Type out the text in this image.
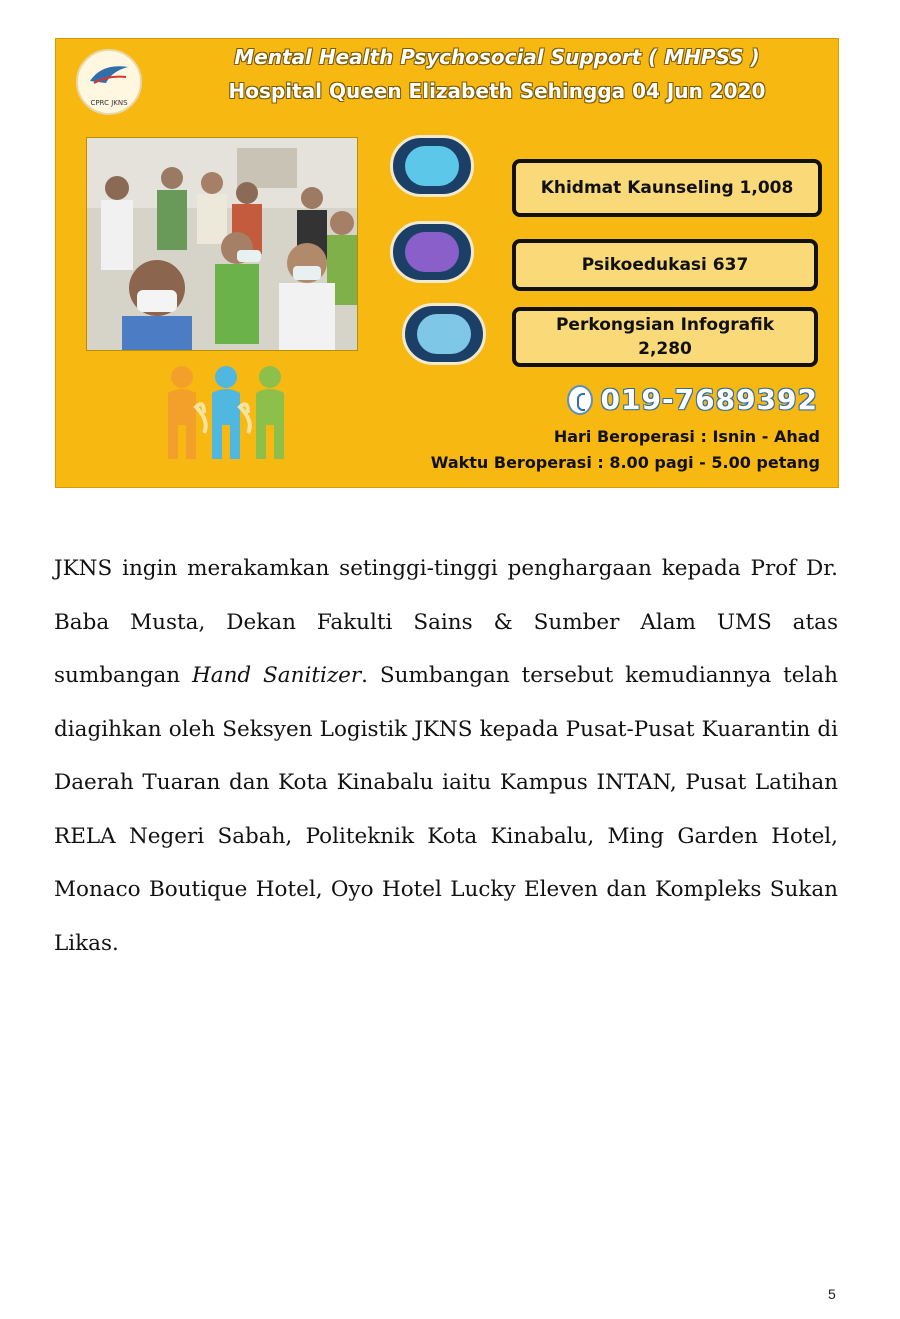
CPRC JKNS
Mental Health Psychosocial Support ( MHPSS )
Hospital Queen Elizabeth Sehingga 04 Jun 2020
Khidmat Kaunseling 1,008
Psikoedukasi 637
Perkongsian Infografik
2,280
019-7689392
Hari Beroperasi : Isnin - Ahad
Waktu Beroperasi : 8.00 pagi - 5.00 petang
JKNS ingin merakamkan setinggi-tinggi penghargaan kepada Prof Dr. Baba Musta, Dekan Fakulti Sains & Sumber Alam UMS atas sumbangan Hand Sanitizer. Sumbangan tersebut kemudiannya telah diagihkan oleh Seksyen Logistik JKNS kepada Pusat-Pusat Kuarantin di Daerah Tuaran dan Kota Kinabalu iaitu Kampus INTAN, Pusat Latihan RELA Negeri Sabah, Politeknik Kota Kinabalu, Ming Garden Hotel, Monaco Boutique Hotel, Oyo Hotel Lucky Eleven dan Kompleks Sukan Likas.
5
